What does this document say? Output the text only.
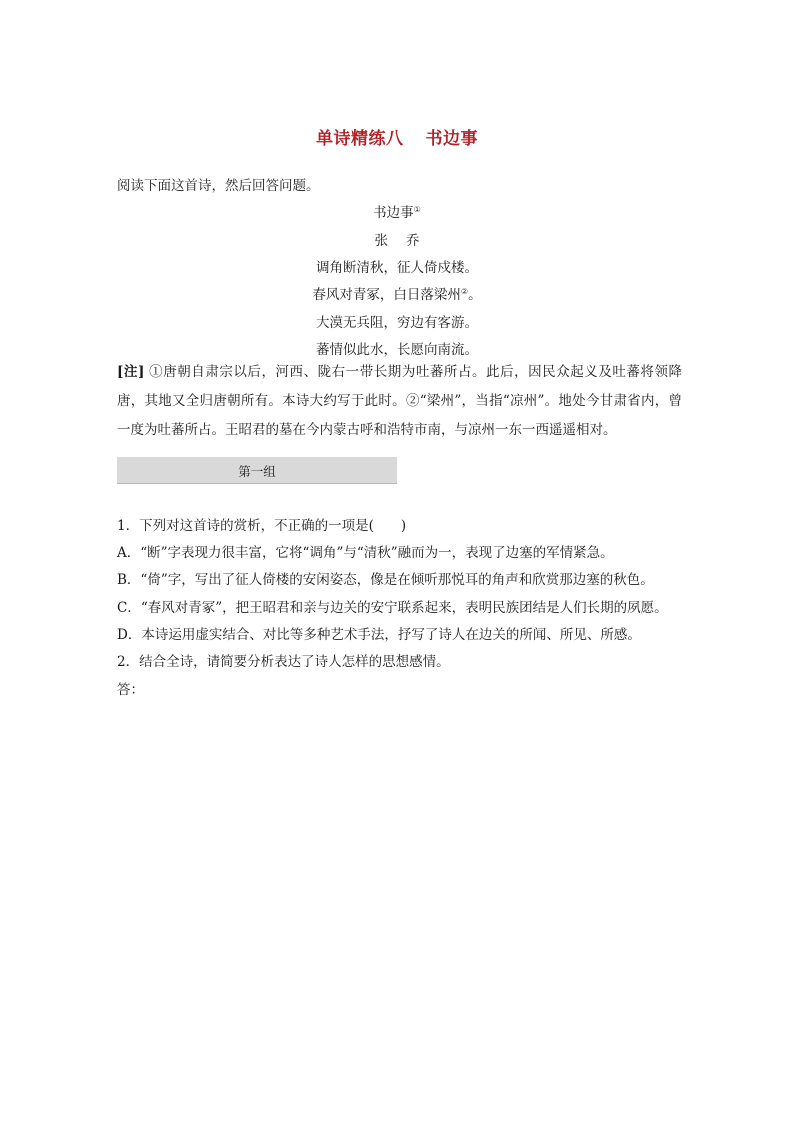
单诗精练八 书边事
阅读下面这首诗，然后回答问题。
书边事①
张 乔
调角断清秋，征人倚戍楼。
春风对青冢，白日落梁州②。
大漠无兵阻，穷边有客游。
蕃情似此水，长愿向南流。
[注] ①唐朝自肃宗以后，河西、陇右一带长期为吐蕃所占。此后，因民众起义及吐蕃将领降唐，其地又全归唐朝所有。本诗大约写于此时。②“梁州”，当指“凉州”。地处今甘肃省内，曾一度为吐蕃所占。王昭君的墓在今内蒙古呼和浩特市南，与凉州一东一西遥遥相对。
第一组
1．下列对这首诗的赏析，不正确的一项是(　　)
A．“断”字表现力很丰富，它将“调角”与“清秋”融而为一，表现了边塞的军情紧急。
B．“倚”字，写出了征人倚楼的安闲姿态，像是在倾听那悦耳的角声和欣赏那边塞的秋色。
C．“春风对青冢”，把王昭君和亲与边关的安宁联系起来，表明民族团结是人们长期的夙愿。
D．本诗运用虚实结合、对比等多种艺术手法，抒写了诗人在边关的所闻、所见、所感。
2．结合全诗，请简要分析表达了诗人怎样的思想感情。
答：
